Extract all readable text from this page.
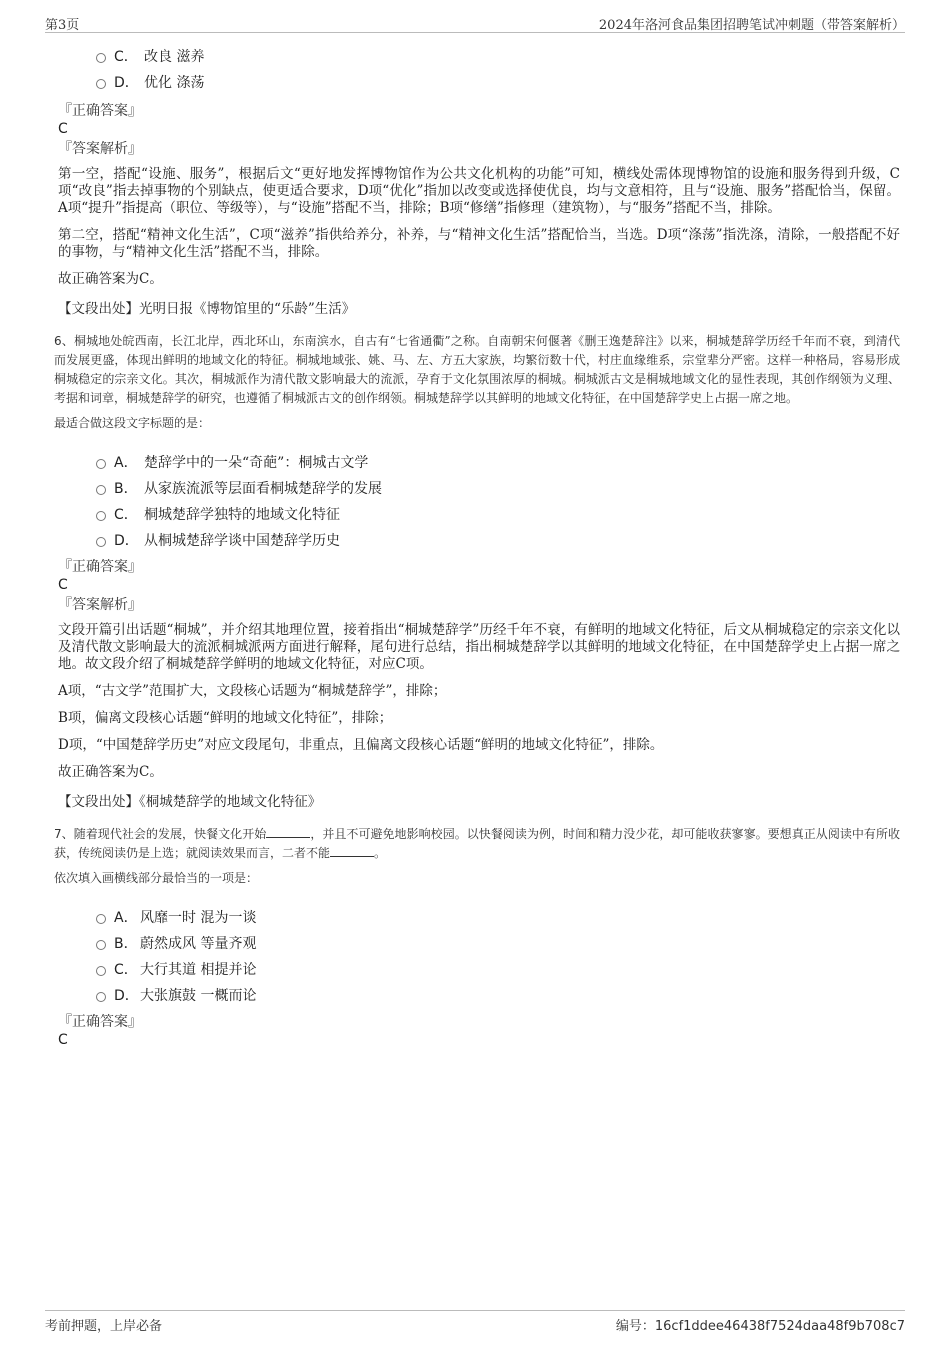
第3页	2024年洛河食品集团招聘笔试冲刺题（带答案解析）
C． 改良 滋养
D． 优化 涤荡
『正确答案』
C
『答案解析』
第一空，搭配“设施、服务”，根据后文“更好地发挥博物馆作为公共文化机构的功能”可知，横线处需体现博物馆的设施和服务得到升级，C项“改良”指去掉事物的个别缺点，使更适合要求，D项“优化”指加以改变或选择使优良，均与文意相符，且与“设施、服务”搭配恰当，保留。A项“提升”指提高（职位、等级等），与“设施”搭配不当，排除；B项“修缮”指修理（建筑物），与“服务”搭配不当，排除。
第二空，搭配“精神文化生活”，C项“滋养”指供给养分，补养，与“精神文化生活”搭配恰当，当选。D项“涤荡”指洗涤，清除，一般搭配不好的事物，与“精神文化生活”搭配不当，排除。
故正确答案为C。
【文段出处】光明日报《博物馆里的“乐龄”生活》
6、桐城地处皖西南，长江北岸，西北环山，东南滨水，自古有“七省通衢”之称。自南朝宋何偃著《删王逸楚辞注》以来，桐城楚辞学历经千年而不衰，到清代而发展更盛，体现出鲜明的地域文化的特征。桐城地域张、姚、马、左、方五大家族，均繁衍数十代，村庄血缘维系，宗堂辈分严密。这样一种格局，容易形成桐城稳定的宗亲文化。其次，桐城派作为清代散文影响最大的流派，孕育于文化氛围浓厚的桐城。桐城派古文是桐城地域文化的显性表现，其创作纲领为义理、考据和词章，桐城楚辞学的研究，也遵循了桐城派古文的创作纲领。桐城楚辞学以其鲜明的地域文化特征，在中国楚辞学史上占据一席之地。
最适合做这段文字标题的是：
A． 楚辞学中的一朵“奇葩”：桐城古文学
B． 从家族流派等层面看桐城楚辞学的发展
C． 桐城楚辞学独特的地域文化特征
D． 从桐城楚辞学谈中国楚辞学历史
『正确答案』
C
『答案解析』
文段开篇引出话题“桐城”，并介绍其地理位置，接着指出“桐城楚辞学”历经千年不衰，有鲜明的地域文化特征，后文从桐城稳定的宗亲文化以及清代散文影响最大的流派桐城派两方面进行解释，尾句进行总结，指出桐城楚辞学以其鲜明的地域文化特征，在中国楚辞学史上占据一席之地。故文段介绍了桐城楚辞学鲜明的地域文化特征，对应C项。
A项，“古文学”范围扩大，文段核心话题为“桐城楚辞学”，排除；
B项，偏离文段核心话题“鲜明的地域文化特征”，排除；
D项，“中国楚辞学历史”对应文段尾句，非重点，且偏离文段核心话题“鲜明的地域文化特征”，排除。
故正确答案为C。
【文段出处】《桐城楚辞学的地域文化特征》
7、随着现代社会的发展，快餐文化开始	，并且不可避免地影响校园。以快餐阅读为例，时间和精力没少花，却可能收获寥寥。要想真正从阅读中有所收获，传统阅读仍是上选；就阅读效果而言，二者不能	。
依次填入画横线部分最恰当的一项是：
A． 风靡一时 混为一谈
B． 蔚然成风 等量齐观
C． 大行其道 相提并论
D． 大张旗鼓 一概而论
『正确答案』
C
考前押题，上岸必备	编号：16cf1ddee46438f7524daa48f9b708c7
